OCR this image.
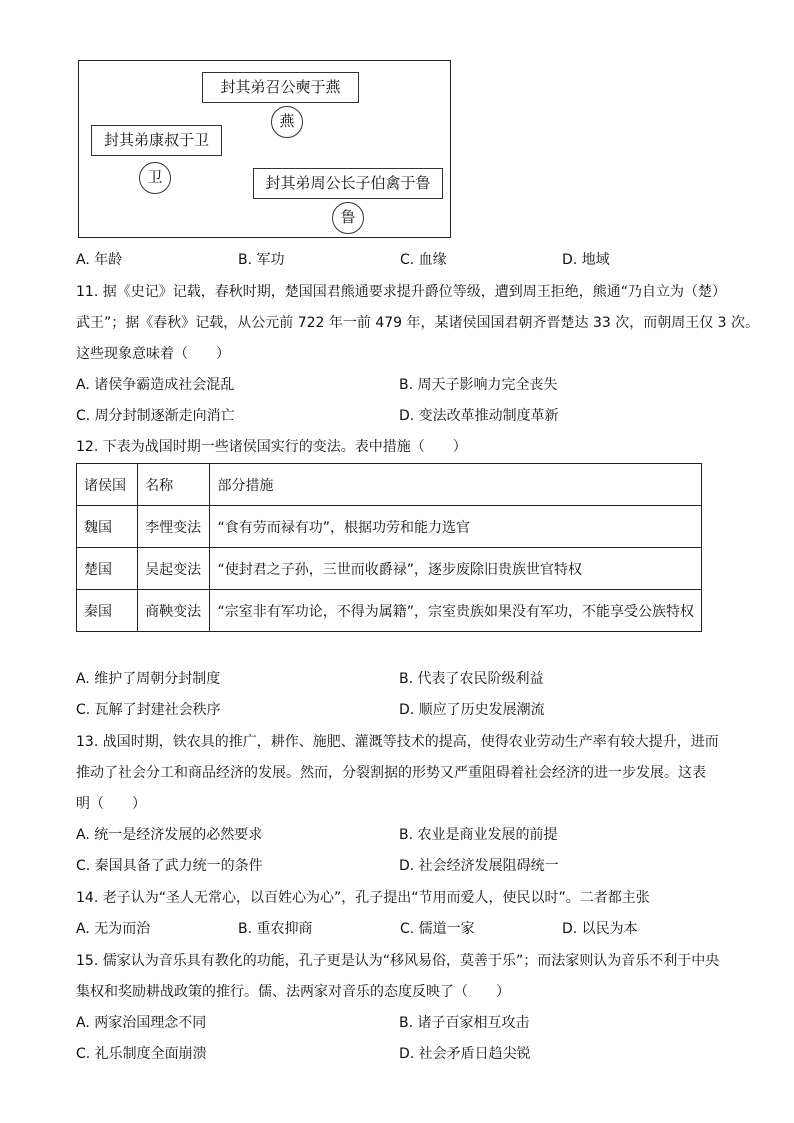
封其弟召公奭于燕
燕
封其弟康叔于卫
卫	封其弟周公长子伯禽于鲁
鲁
A. 年龄	B. 军功	C. 血缘	D. 地域
11. 据《史记》记载，春秋时期，楚国国君熊通要求提升爵位等级，遭到周王拒绝，熊通“乃自立为（楚）
武王”；据《春秋》记载，从公元前 722 年一前 479 年，某诸侯国国君朝齐晋楚达 33 次，而朝周王仅 3 次。
这些现象意味着（　　）
A. 诸侯争霸造成社会混乱	B. 周天子影响力完全丧失
C. 周分封制逐渐走向消亡	D. 变法改革推动制度革新
12. 下表为战国时期一些诸侯国实行的变法。表中措施（　　）
诸侯国	名称	部分措施
魏国	李悝变法	“食有劳而禄有功”，根据功劳和能力选官
楚国	吴起变法	“使封君之子孙，三世而收爵禄”，逐步废除旧贵族世官特权
秦国	商鞅变法	“宗室非有军功论，不得为属籍”，宗室贵族如果没有军功，不能享受公族特权
A. 维护了周朝分封制度	B. 代表了农民阶级利益
C. 瓦解了封建社会秩序	D. 顺应了历史发展潮流
13. 战国时期，铁农具的推广，耕作、施肥、灌溉等技术的提高，使得农业劳动生产率有较大提升，进而
推动了社会分工和商品经济的发展。然而，分裂割据的形势又严重阻碍着社会经济的进一步发展。这表
明（　　）
A. 统一是经济发展的必然要求	B. 农业是商业发展的前提
C. 秦国具备了武力统一的条件	D. 社会经济发展阻碍统一
14. 老子认为“圣人无常心，以百姓心为心”，孔子提出“节用而爱人，使民以时”。二者都主张
A. 无为而治	B. 重农抑商	C. 儒道一家	D. 以民为本
15. 儒家认为音乐具有教化的功能，孔子更是认为“移风易俗，莫善于乐”；而法家则认为音乐不利于中央
集权和奖励耕战政策的推行。儒、法两家对音乐的态度反映了（　　）
A. 两家治国理念不同	B. 诸子百家相互攻击
C. 礼乐制度全面崩溃	D. 社会矛盾日趋尖锐
